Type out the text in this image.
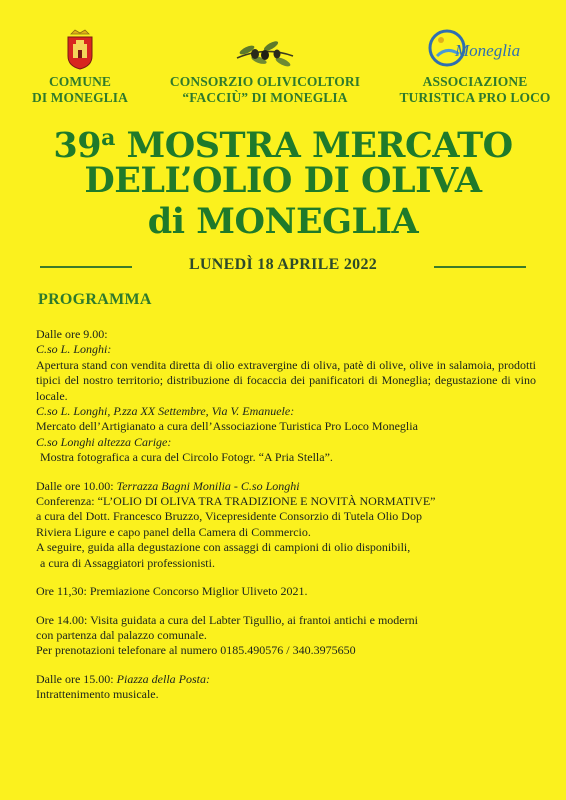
COMUNE
DI MONEGLIA
CONSORZIO OLIVICOLTORI
“FACCIÙ” DI MONEGLIA
Moneglia
ASSOCIAZIONE
TURISTICA PRO LOCO
39$^a$ MOSTRA MERCATO
DELL’OLIO DI OLIVA
di MONEGLIA
LUNEDÌ 18 APRILE 2022
PROGRAMMA

Dalle ore 9.00:

C.so L. Longhi:

Apertura stand con vendita diretta di olio extravergine di oliva, patè di olive, olive in salamoia, prodotti tipici del nostro territorio; distribuzione di focaccia dei panificatori di Moneglia; degustazione di vino locale.

C.so L. Longhi, P.zza XX Settembre, Via V. Emanuele:

Mercato dell’Artigianato a cura dell’Associazione Turistica Pro Loco Moneglia

C.so Longhi altezza Carige:

Mostra fotografica a cura del Circolo Fotogr. “A Pria Stella”.

Dalle ore 10.00: Terrazza Bagni Monilia - C.so Longhi

Conferenza: “L’OLIO DI OLIVA TRA TRADIZIONE E NOVITÀ NORMATIVE”

a cura del Dott. Francesco Bruzzo, Vicepresidente Consorzio di Tutela Olio Dop

Riviera Ligure e capo panel della Camera di Commercio.

A seguire, guida alla degustazione con assaggi di campioni di olio disponibili,

a cura di Assaggiatori professionisti.

Ore 11,30: Premiazione Concorso Miglior Uliveto 2021.

Ore 14.00: Visita guidata a cura del Labter Tigullio, ai frantoi antichi e moderni

con partenza dal palazzo comunale.

Per prenotazioni telefonare al numero 0185.490576 / 340.3975650

Dalle ore 15.00: Piazza della Posta:

Intrattenimento musicale.
